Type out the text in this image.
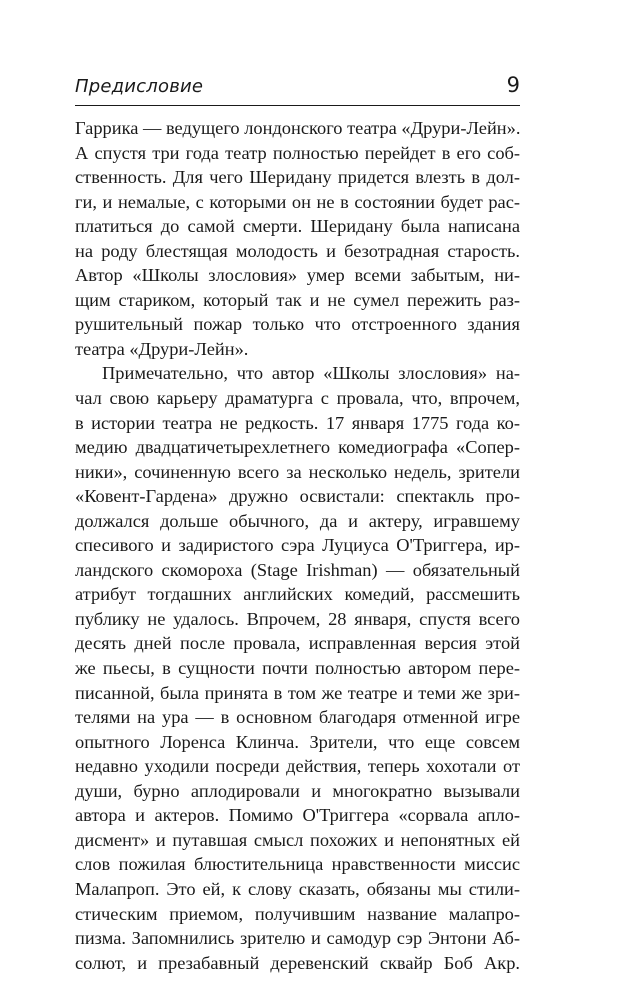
Предисловие	9
Гаррика — ведущего лондонского театра «Друри-Лейн».
А спустя три года театр полностью перейдет в его соб-
ственность. Для чего Шеридану придется влезть в дол-
ги, и немалые, с которыми он не в состоянии будет рас-
платиться до самой смерти. Шеридану была написана
на роду блестящая молодость и безотрадная старость.
Автор «Школы злословия» умер всеми забытым, ни-
щим стариком, который так и не сумел пережить раз-
рушительный пожар только что отстроенного здания
театра «Друри-Лейн».
Примечательно, что автор «Школы злословия» на-
чал свою карьеру драматурга с провала, что, впрочем,
в истории театра не редкость. 17 января 1775 года ко-
медию двадцатичетырехлетнего комедиографа «Сопер-
ники», сочиненную всего за несколько недель, зрители
«Ковент-Гардена» дружно освистали: спектакль про-
должался дольше обычного, да и актеру, игравшему
спесивого и задиристого сэра Луциуса О'Триггера, ир-
ландского скомороха (Stage Irishman) — обязательный
атрибут тогдашних английских комедий, рассмешить
публику не удалось. Впрочем, 28 января, спустя всего
десять дней после провала, исправленная версия этой
же пьесы, в сущности почти полностью автором пере-
писанной, была принята в том же театре и теми же зри-
телями на ура — в основном благодаря отменной игре
опытного Лоренса Клинча. Зрители, что еще совсем
недавно уходили посреди действия, теперь хохотали от
души, бурно аплодировали и многократно вызывали
автора и актеров. Помимо О'Триггера «сорвала апло-
дисмент» и путавшая смысл похожих и непонятных ей
слов пожилая блюстительница нравственности миссис
Малапроп. Это ей, к слову сказать, обязаны мы стили-
стическим приемом, получившим название малапро-
пизма. Запомнились зрителю и самодур сэр Энтони Аб-
солют, и презабавный деревенский сквайр Боб Акр.
